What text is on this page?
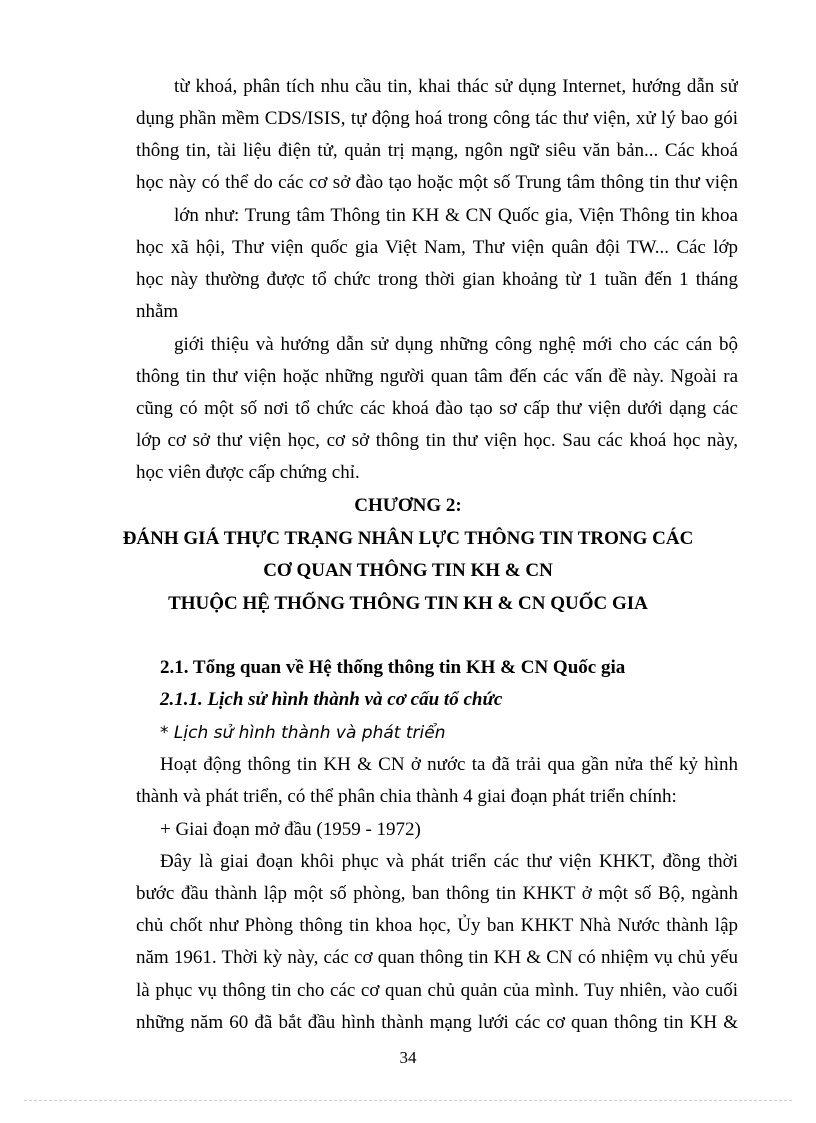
từ khoá, phân tích nhu cầu tin, khai thác sử dụng Internet, hướng dẫn sử
dụng phần mềm CDS/ISIS, tự động hoá trong công tác thư viện, xử lý bao gói
thông tin, tài liệu điện tử, quản trị mạng, ngôn ngữ siêu văn bản... Các khoá
học này có thể do các cơ sở đào tạo hoặc một số Trung tâm thông tin thư viện
lớn như: Trung tâm Thông tin KH & CN Quốc gia, Viện Thông tin khoa
học xã hội, Thư viện quốc gia Việt Nam, Thư viện quân đội TW... Các lớp
học này thường được tổ chức trong thời gian khoảng từ 1 tuần đến 1 tháng
nhằm
giới thiệu và hướng dẫn sử dụng những công nghệ mới cho các cán bộ
thông tin thư viện hoặc những người quan tâm đến các vấn đề này. Ngoài ra
cũng có một số nơi tổ chức các khoá đào tạo sơ cấp thư viện dưới dạng các
lớp cơ sở thư viện học, cơ sở thông tin thư viện học. Sau các khoá học này,
học viên được cấp chứng chỉ.
CHƯƠNG 2:
ĐÁNH GIÁ THỰC TRẠNG NHÂN LỰC THÔNG TIN TRONG CÁC
CƠ QUAN THÔNG TIN KH & CN
THUỘC HỆ THỐNG THÔNG TIN KH & CN QUỐC GIA
2.1. Tổng quan về Hệ thống thông tin KH & CN Quốc gia
2.1.1. Lịch sử hình thành và cơ cấu tổ chức
* Lịch sử hình thành và phát triển
Hoạt động thông tin KH & CN ở nước ta đã trải qua gần nửa thế kỷ hình
thành và phát triển, có thể phân chia thành 4 giai đoạn phát triển chính:
+ Giai đoạn mở đầu (1959 - 1972)
Đây là giai đoạn khôi phục và phát triển các thư viện KHKT, đồng thời
bước đầu thành lập một số phòng, ban thông tin KHKT ở một số Bộ, ngành
chủ chốt như Phòng thông tin khoa học, Ủy ban KHKT Nhà Nước thành lập
năm 1961. Thời kỳ này, các cơ quan thông tin KH & CN có nhiệm vụ chủ yếu
là phục vụ thông tin cho các cơ quan chủ quản của mình. Tuy nhiên, vào cuối
những năm 60 đã bắt đầu hình thành mạng lưới các cơ quan thông tin KH &
34
